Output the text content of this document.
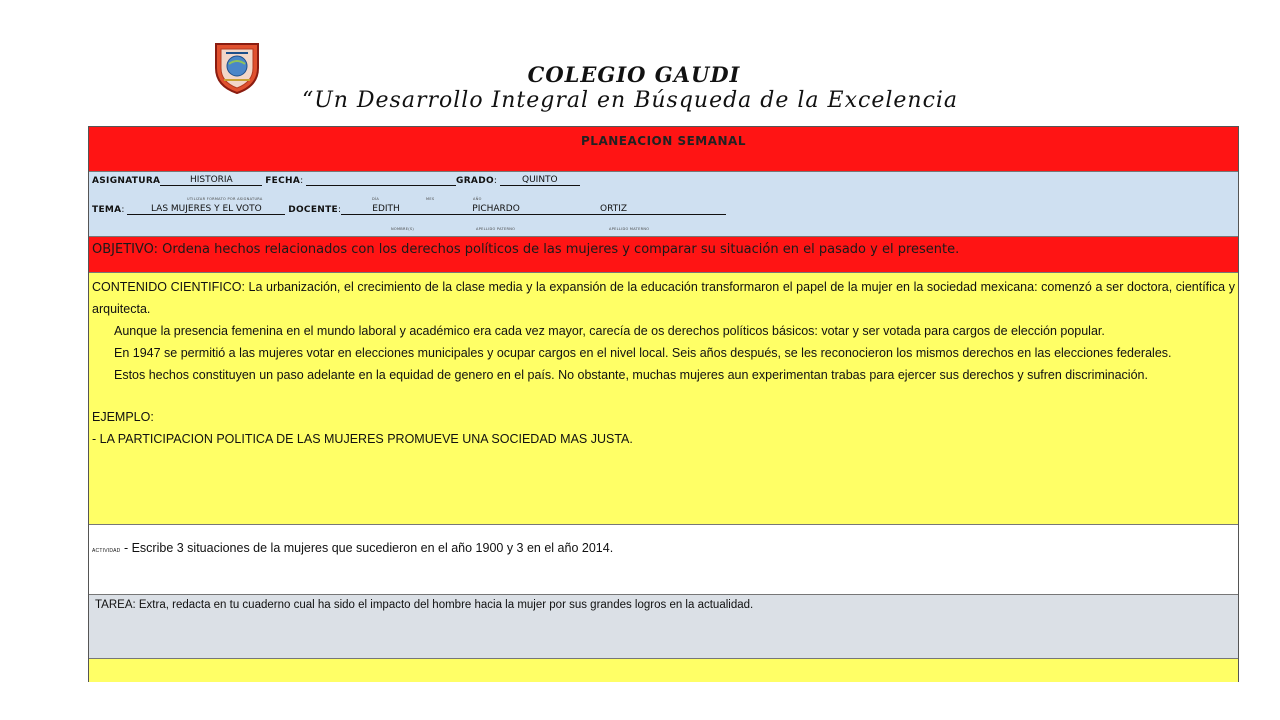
COLEGIO GAUDI
“Un Desarrollo Integral en Búsqueda de la Excelencia
PLANEACION SEMANAL
ASIGNATURA	HISTORIA	FECHA:	GRADO: QUINTO
UTILIZAR FORMATO POR ASIGNATURA	DÍA	MES	AÑO
TEMA:	LAS MUJERES Y EL VOTO	DOCENTE:	EDITH	PICHARDO	ORTIZ
NOMBRE(S)	APELLIDO PATERNO	APELLIDO MATERNO
OBJETIVO: Ordena hechos relacionados con los derechos políticos de las mujeres y comparar su situación en el pasado y el presente.

CONTENIDO CIENTIFICO: La urbanización, el crecimiento de la clase media y la expansión de la educación transformaron el papel de la mujer en la sociedad mexicana: comenzó a ser doctora, científica y arquitecta.

Aunque la presencia femenina en el mundo laboral y académico era cada vez mayor, carecía de os derechos políticos básicos: votar y ser votada para cargos de elección popular.

En 1947 se permitió a las mujeres votar en elecciones municipales y ocupar cargos en el nivel local. Seis años después, se les reconocieron los mismos derechos en las elecciones federales.

Estos hechos constituyen un paso adelante en la equidad de genero en el país. No obstante, muchas mujeres aun experimentan trabas para ejercer sus derechos y sufren discriminación.

EJEMPLO:

- LA PARTICIPACION POLITICA DE LAS MUJERES PROMUEVE UNA SOCIEDAD MAS JUSTA.

ACTIVIDAD - Escribe 3 situaciones de la mujeres que sucedieron en el año 1900 y 3 en el año 2014.
TAREA: Extra, redacta en tu cuaderno cual ha sido el impacto del hombre hacia la mujer por sus grandes logros en la actualidad.
